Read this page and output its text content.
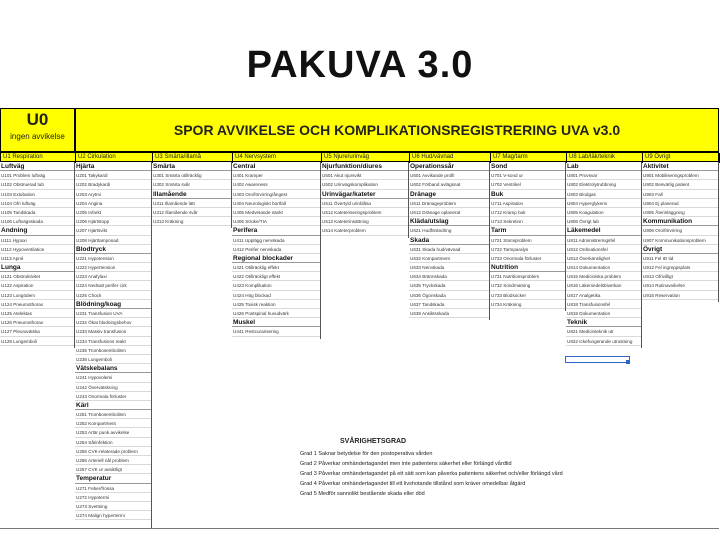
PAKUVA 3.0
U0
ingen avvikelse	SPOR AVVIKELSE OCH KOMPLIKATIONSREGISTRERING UVA v3.0
U1 Respiration	U2 Cirkulation	U3 Smärta/illamå	U4 Nervsystem	U5 Njure/urinväg	U6 Hud/vävnad	U7 Mag/tarm	U8 Lab/läk/teknik	U9 Övrigt
Luftväg
U101 Problem luftväg
U102 Obstruerad tub
U103 Extubation
U104 Ofri luftväg
U105 Tandskada
U106 Luftvägsskada
Andning
U111 Hypoxi
U112 Hypoventilation
U113 Apné
Lunga
U121 Obstruktivitet
U122 Aspiration
U123 Lungödem
U124 Pneumothorax
U125 Atelektas
U126 Pneumothorax
U127 Pleuravätska
U128 Lungemboli
Hjärta
U201 Takykardi
U202 Bradykardi
U203 Arytmi
U204 Angina
U205 Infarkt
U206 Hjärtstopp
U207 Hjärtsvikt
U208 Hjärttamponad
Blodtryck
U221 Hypotension
U222 Hypertension
U223 Anafylaxi
U224 Nedsatt perifer cirk
U225 Chock
Blödning/koag
U231 Transfusion UVA
U232 Ökat blodningsbehov
U233 Massiv transfusion
U234 Transfusions reakt
U235 Trombosembolism
U236 Lungemboli
Vätskebalans
U241 Hypovolemi
U242 Övervätskning
U243 Onormala förluster
Kärl
U251 Trombosembolism
U252 Kompartment
U253 Artär punk.avvikelse
U254 Sårinfektion
U255 CVK-relaterade problem
U256 Arteriell nål problem
U257 CVK ur avsiktligt
Temperatur
U271 Feber/frossa
U272 Hypotermi
U273 Svettning
U274 Malign hypertermi
Smärta
U301 Smärta otillräcklig
U302 Smärta svår
Illamående
U311 Illamående lätt
U312 Illamående svår
U313 Kräkning
Central
U401 Kramper
U402 Awareness
U403 Oro/förvirring/ångest
U404 Neurologiskt bortfall
U405 Medvetande sänkt
U406 Stroke/TIA
Perifera
U411 Upplägg nervskada
U412 Perifer nervskada
Regional blockader
U421 Otillräcklig effekt
U422 Otillräckligt effekt
U423 Komplikation
U424 Hög blockad
U425 Toxisk reaktion
U426 Postspinal huvudvärk
Muskel
U441 Restcurarisering
Njurfunktion/diures
U501 Akut njursvikt
U502 Urinvägskomplikation
Urinvägar/kateter
U511 Övertyld urinblåsa
U512 Kateteriseringsproblem
U513 Kateterinsättning
U514 Kateterproblem
Operationssår
U601 Avvikande profil
U602 Förband avlägsnat
Dränage
U611 Dränageproblem
U612 Dränage oplanerat
Kläda/utslag
U621 Hudförändring
Skada
U631 Skada hud/vävnad
U632 Kompartment
U633 Nervskada
U634 Brännskada
U635 Tryckskada
U636 Ögonskada
U637 Tandskada
U638 Ansiktsskada
Sond
U701 V-sond ur
U702 Ventrikel
Buk
U711 Aspiration
U712 Kramp buk
U713 Sekretion
Tarm
U721 Stomiproblem
U722 Tarmparalys
U723 Onormala förluster
Nutrition
U731 Nutritionsproblem
U732 Sondmatning
U733 Blodsocker
U734 Kräkning
Lab
U801 Provsvar
U802 Elektrolytrubbning
U803 Blodgas
U804 Hyperglykemi
U805 Koagulation
U806 Övrigt lab
Läkemedel
U811 Administreringsfel
U812 Ordinationsfel
U813 Överkänslighet
U814 Dokumentation
U815 Mediciniska problem
U816 Läkemedelsbiverkan
U817 Analgetika
U818 Transfusionsfel
U819 Dokumentation
Teknik
U821 Medicinteknik utr
U822 Ickefungerande utrustning
Aktivitet
U901 Mobiliseringsproblem
U902 Besvärlig patient
U903 Fall
U904 Ej planerad
U905 Återinläggning
Kommunikation
U906 Oro/förvirring
U907 Kommunikationsproblem
Övrigt
U911 Fel ID tid
U912 Fel ingreppsplats
U913 Ofrivilligt
U914 Rutinavvikelse
U915 Reservation
SVÅRIGHETSGRAD
Grad 1 Saknar betydelse för den postoperativa vården
Grad 2 Påverkar omhändertagandet men inte patientens säkerhet eller förlängd vårdtid
Grad 3 Påverkar omhändertagandet på ett sätt som kan påverka patientens säkerhet och/eller förlängd vård
Grad 4 Påverkar omhändertagandet till ett livshotande tillstånd som kräver omedelbar åtgärd
Grad 5 Medför sannolikt bestående skada eller död
